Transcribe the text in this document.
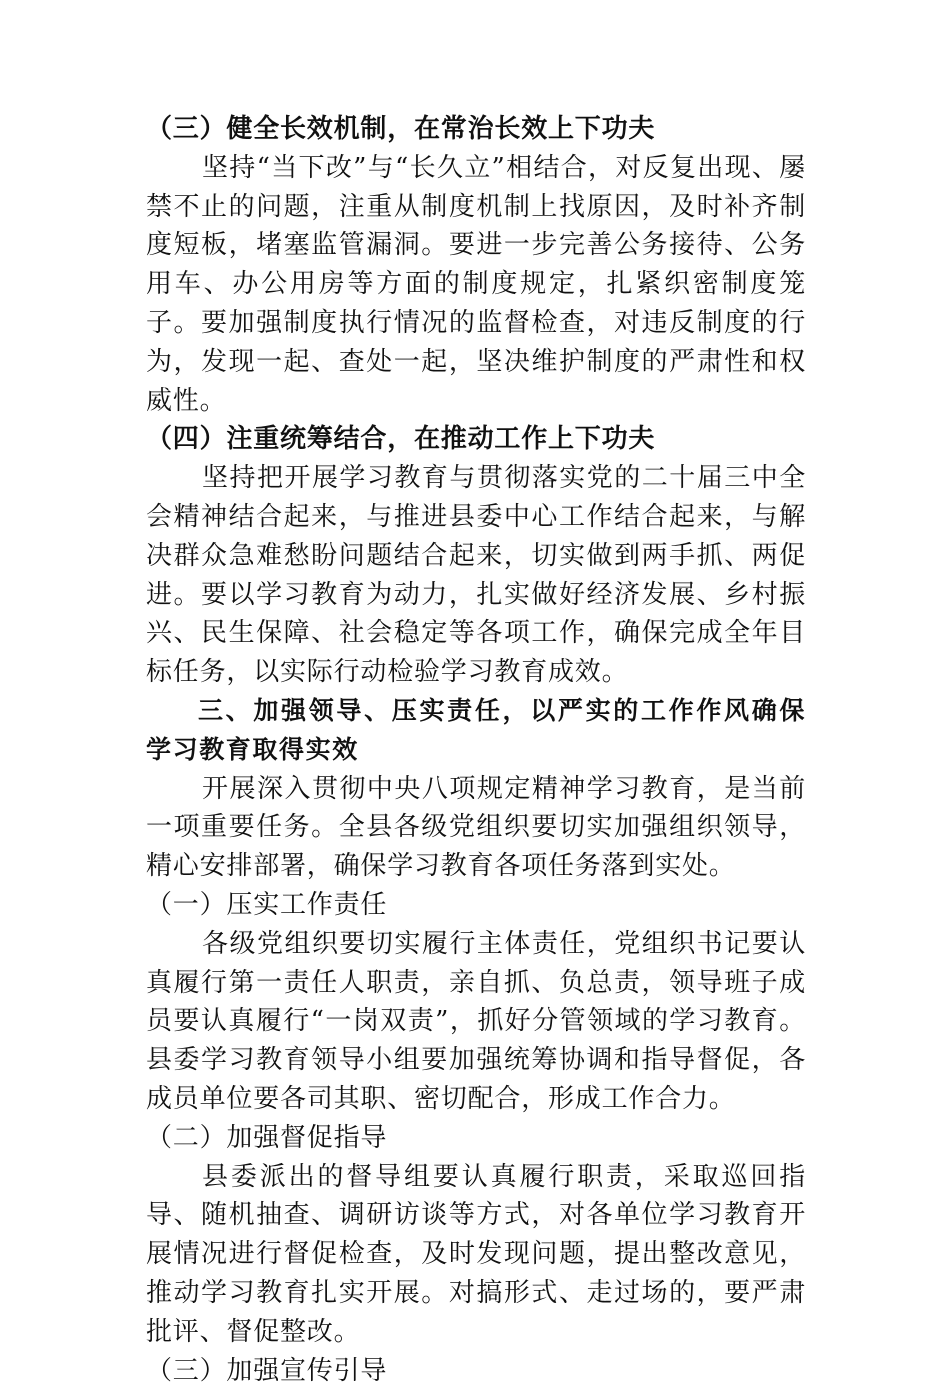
（三）健全长效机制，在常治长效上下功夫

坚持“当下改”与“长久立”相结合，对反复出现、屡禁不止的问题，注重从制度机制上找原因，及时补齐制度短板，堵塞监管漏洞。要进一步完善公务接待、公务用车、办公用房等方面的制度规定，扎紧织密制度笼子。要加强制度执行情况的监督检查，对违反制度的行为，发现一起、查处一起，坚决维护制度的严肃性和权威性。

（四）注重统筹结合，在推动工作上下功夫

坚持把开展学习教育与贯彻落实党的二十届三中全会精神结合起来，与推进县委中心工作结合起来，与解决群众急难愁盼问题结合起来，切实做到两手抓、两促进。要以学习教育为动力，扎实做好经济发展、乡村振兴、民生保障、社会稳定等各项工作，确保完成全年目标任务，以实际行动检验学习教育成效。

三、加强领导、压实责任，以严实的工作作风确保学习教育取得实效

开展深入贯彻中央八项规定精神学习教育，是当前一项重要任务。全县各级党组织要切实加强组织领导，精心安排部署，确保学习教育各项任务落到实处。

（一）压实工作责任

各级党组织要切实履行主体责任，党组织书记要认真履行第一责任人职责，亲自抓、负总责，领导班子成员要认真履行“一岗双责”，抓好分管领域的学习教育。县委学习教育领导小组要加强统筹协调和指导督促，各成员单位要各司其职、密切配合，形成工作合力。

（二）加强督促指导

县委派出的督导组要认真履行职责，采取巡回指导、随机抽查、调研访谈等方式，对各单位学习教育开展情况进行督促检查，及时发现问题，提出整改意见，推动学习教育扎实开展。对搞形式、走过场的，要严肃批评、督促整改。

（三）加强宣传引导
